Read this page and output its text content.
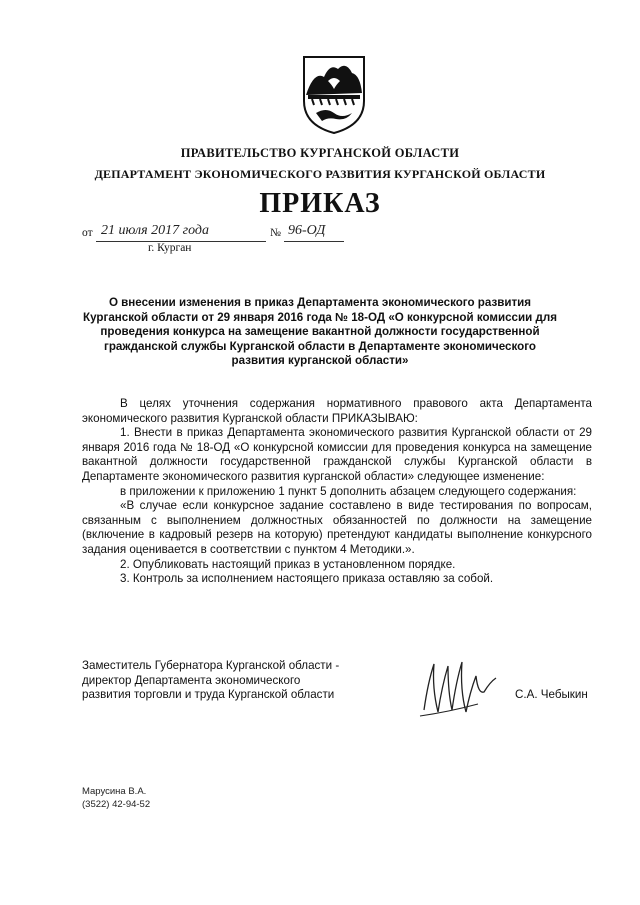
ПРАВИТЕЛЬСТВО КУРГАНСКОЙ ОБЛАСТИ
ДЕПАРТАМЕНТ ЭКОНОМИЧЕСКОГО РАЗВИТИЯ КУРГАНСКОЙ ОБЛАСТИ
ПРИКАЗ
от 21 июля 2017 года	№ 96-ОД
г. Курган
О внесении изменения в приказ Департамента экономического развития Курганской области от 29 января 2016 года № 18-ОД «О конкурсной комиссии для проведения конкурса на замещение вакантной должности государственной гражданской службы Курганской области в Департаменте экономического развития курганской области»

В целях уточнения содержания нормативного правового акта Департамента экономического развития Курганской области ПРИКАЗЫВАЮ:

1. Внести в приказ Департамента экономического развития Курганской области от 29 января 2016 года № 18-ОД «О конкурсной комиссии для проведения конкурса на замещение вакантной должности государственной гражданской службы Курганской области в Департаменте экономического развития курганской области» следующее изменение:

в приложении к приложению 1 пункт 5 дополнить абзацем следующего содержания:

«В случае если конкурсное задание составлено в виде тестирования по вопросам, связанным с выполнением должностных обязанностей по должности на замещение (включение в кадровый резерв на которую) претендуют кандидаты выполнение конкурсного задания оценивается в соответствии с пунктом 4 Методики.».

2. Опубликовать настоящий приказ в установленном порядке.

3. Контроль за исполнением настоящего приказа оставляю за собой.

Заместитель Губернатора Курганской области -
директор Департамента экономического
развития торговли и труда Курганской области	С.А. Чебыкин
Марусина В.А.
(3522) 42-94-52
